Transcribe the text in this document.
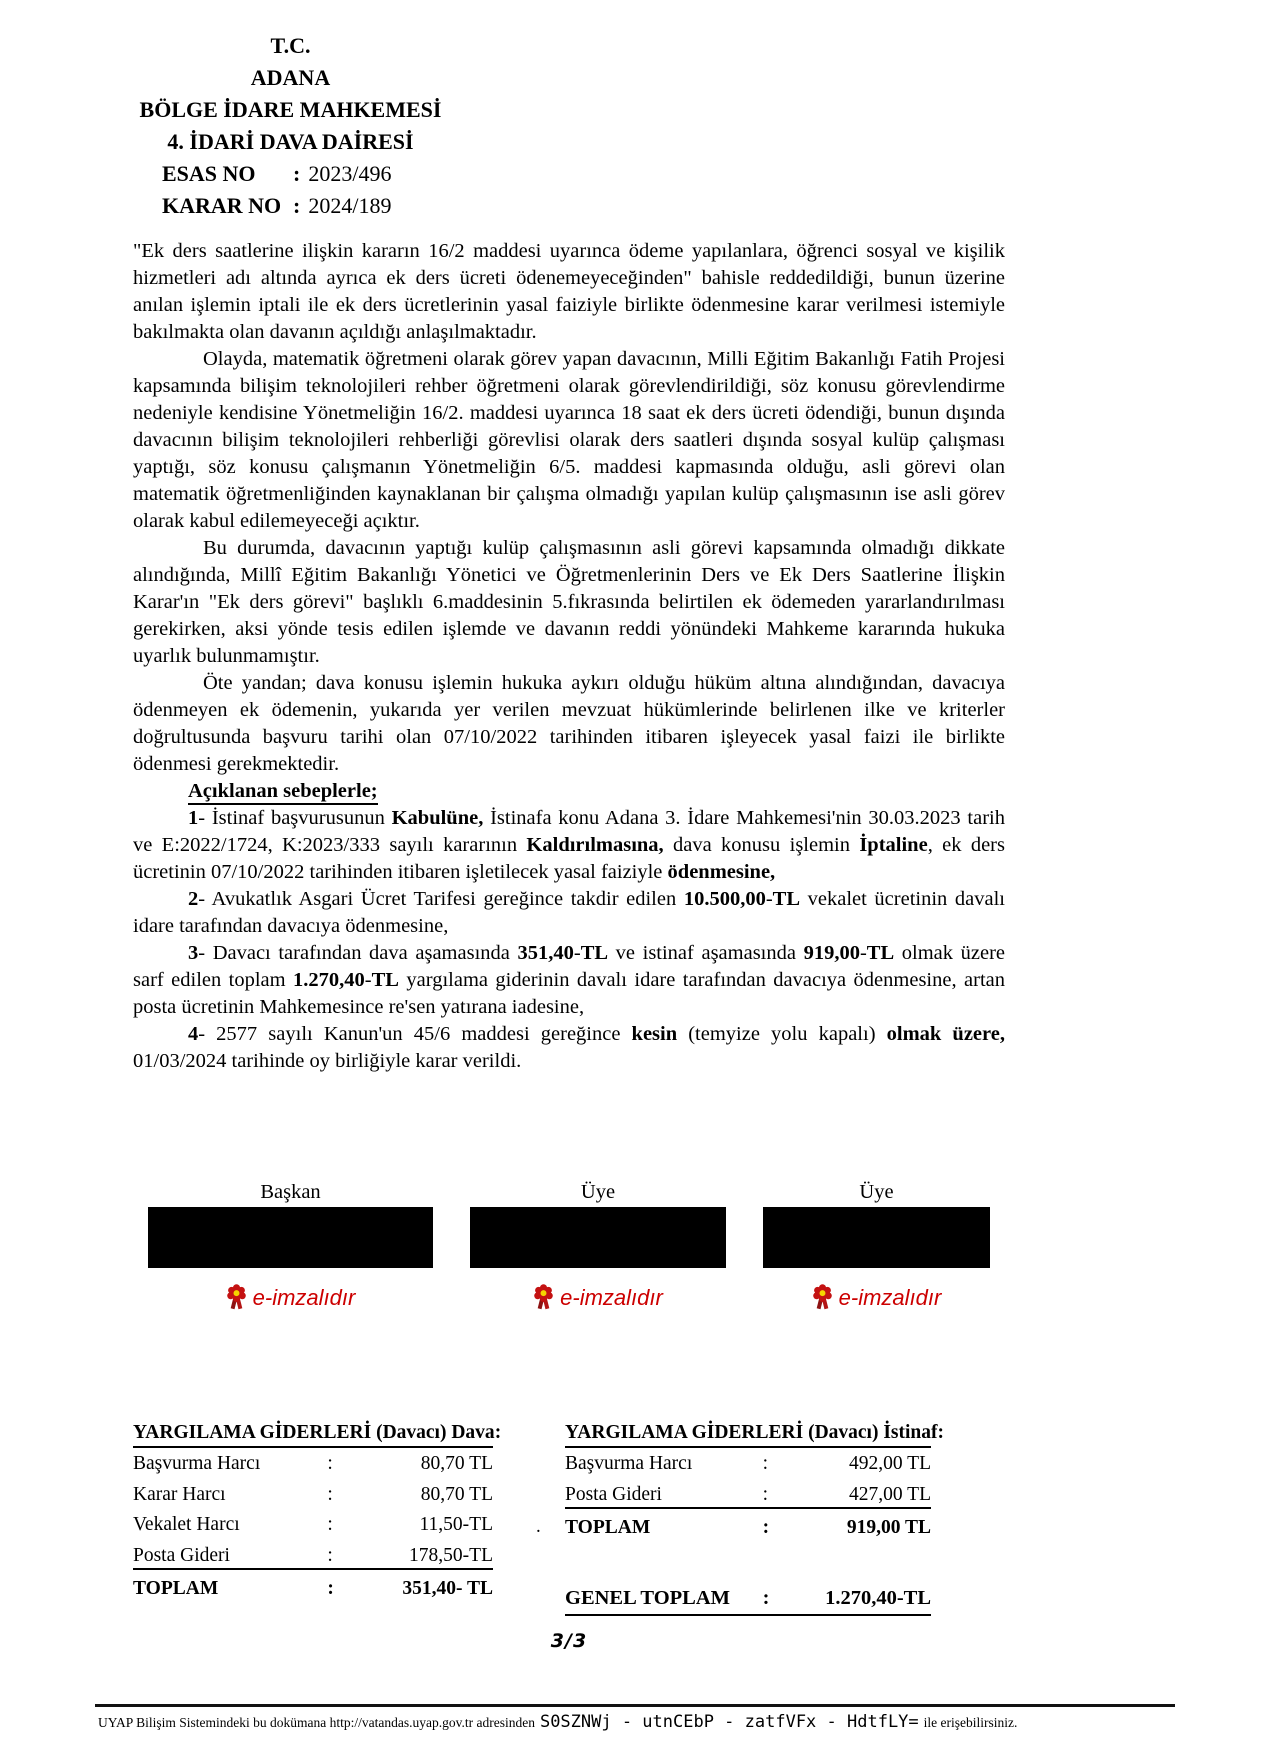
T.C.
ADANA
BÖLGE İDARE MAHKEMESİ
4. İDARİ DAVA DAİRESİ
ESAS NO	: 2023/496
KARAR NO : 2024/189

"Ek ders saatlerine ilişkin kararın 16/2 maddesi uyarınca ödeme yapılanlara, öğrenci sosyal ve kişilik hizmetleri adı altında ayrıca ek ders ücreti ödenemeyeceğinden" bahisle reddedildiği, bunun üzerine anılan işlemin iptali ile ek ders ücretlerinin yasal faiziyle birlikte ödenmesine karar verilmesi istemiyle bakılmakta olan davanın açıldığı anlaşılmaktadır.

Olayda, matematik öğretmeni olarak görev yapan davacının, Milli Eğitim Bakanlığı Fatih Projesi kapsamında bilişim teknolojileri rehber öğretmeni olarak görevlendirildiği, söz konusu görevlendirme nedeniyle kendisine Yönetmeliğin 16/2. maddesi uyarınca 18 saat ek ders ücreti ödendiği, bunun dışında davacının bilişim teknolojileri rehberliği görevlisi olarak ders saatleri dışında sosyal kulüp çalışması yaptığı, söz konusu çalışmanın Yönetmeliğin 6/5. maddesi kapmasında olduğu, asli görevi olan matematik öğretmenliğinden kaynaklanan bir çalışma olmadığı yapılan kulüp çalışmasının ise asli görev olarak kabul edilemeyeceği açıktır.

Bu durumda, davacının yaptığı kulüp çalışmasının asli görevi kapsamında olmadığı dikkate alındığında, Millî Eğitim Bakanlığı Yönetici ve Öğretmenlerinin Ders ve Ek Ders Saatlerine İlişkin Karar'ın "Ek ders görevi" başlıklı 6.maddesinin 5.fıkrasında belirtilen ek ödemeden yararlandırılması gerekirken, aksi yönde tesis edilen işlemde ve davanın reddi yönündeki Mahkeme kararında hukuka uyarlık bulunmamıştır.

Öte yandan; dava konusu işlemin hukuka aykırı olduğu hüküm altına alındığından, davacıya ödenmeyen ek ödemenin, yukarıda yer verilen mevzuat hükümlerinde belirlenen ilke ve kriterler doğrultusunda başvuru tarihi olan 07/10/2022 tarihinden itibaren işleyecek yasal faizi ile birlikte ödenmesi gerekmektedir.

Açıklanan sebeplerle;

1- İstinaf başvurusunun Kabulüne, İstinafa konu Adana 3. İdare Mahkemesi'nin 30.03.2023 tarih ve E:2022/1724, K:2023/333 sayılı kararının Kaldırılmasına, dava konusu işlemin İptaline, ek ders ücretinin 07/10/2022 tarihinden itibaren işletilecek yasal faiziyle ödenmesine,

2- Avukatlık Asgari Ücret Tarifesi gereğince takdir edilen 10.500,00-TL vekalet ücretinin davalı idare tarafından davacıya ödenmesine,

3- Davacı tarafından dava aşamasında 351,40-TL ve istinaf aşamasında 919,00-TL olmak üzere sarf edilen toplam 1.270,40-TL yargılama giderinin davalı idare tarafından davacıya ödenmesine, artan posta ücretinin Mahkemesince re'sen yatırana iadesine,

4- 2577 sayılı Kanun'un 45/6 maddesi gereğince kesin (temyize yolu kapalı) olmak üzere, 01/03/2024 tarihinde oy birliğiyle karar verildi.

Başkan
e-imzalıdır
Üye
e-imzalıdır
Üye
e-imzalıdır
YARGILAMA GİDERLERİ (Davacı) Dava :
Başvurma Harcı	:	80,70 TL
Karar Harcı	:	80,70 TL
Vekalet Harcı	:	11,50-TL
Posta Gideri	:	178,50-TL
TOPLAM	:	351,40- TL
YARGILAMA GİDERLERİ (Davacı) İstinaf :
Başvurma Harcı	:	492,00 TL
Posta Gideri	:	427,00 TL
TOPLAM	:	919,00 TL
GENEL TOPLAM	:	1.270,40-TL
.
3/3
UYAP Bilişim Sistemindeki bu dokümana http://vatandas.uyap.gov.tr adresinden S0SZNWj - utnCEbP - zatfVFx - HdtfLY= ile erişebilirsiniz.
